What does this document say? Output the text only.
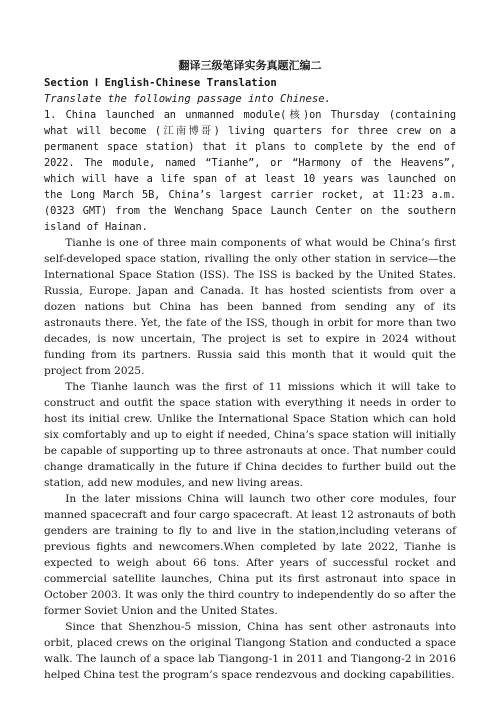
翻译三级笔译实务真题汇编二
Section Ⅰ English-Chinese Translation
Translate the following passage into Chinese.

1. China launched an unmanned module(核)on Thursday (containing what will become (江南博哥) living quarters for three crew on a permanent space station) that it plans to complete by the end of 2022. The module, named “Tianhe”, or “Harmony of the Heavens”, which will have a life span of at least 10 years was launched on the Long March 5B, China’s largest carrier rocket, at 11:23 a.m. (0323 GMT) from the Wenchang Space Launch Center on the southern island of Hainan.

Tianhe is one of three main components of what would be China’s first self-developed space station, rivalling the only other station in service—the International Space Station (ISS). The ISS is backed by the United States. Russia, Europe. Japan and Canada. It has hosted scientists from over a dozen nations but China has been banned from sending any of its astronauts there. Yet, the fate of the ISS, though in orbit for more than two decades, is now uncertain, The project is set to expire in 2024 without funding from its partners. Russia said this month that it would quit the project from 2025.

The Tianhe launch was the first of 11 missions which it will take to construct and outfit the space station with everything it needs in order to host its initial crew. Unlike the International Space Station which can hold six comfortably and up to eight if needed, China’s space station will initially be capable of supporting up to three astronauts at once. That number could change dramatically in the future if China decides to further build out the station, add new modules, and new living areas.

In the later missions China will launch two other core modules, four manned spacecraft and four cargo spacecraft. At least 12 astronauts of both genders are training to fly to and live in the station,including veterans of previous fights and newcomers.When completed by late 2022, Tianhe is expected to weigh about 66 tons. After years of successful rocket and commercial satellite launches, China put its first astronaut into space in October 2003. It was only the third country to independently do so after the former Soviet Union and the United States.

Since that Shenzhou-5 mission, China has sent other astronauts into orbit, placed crews on the original Tiangong Station and conducted a space walk. The launch of a space lab Tiangong-1 in 2011 and Tiangong-2 in 2016 helped China test the program’s space rendezvous and docking capabilities.
